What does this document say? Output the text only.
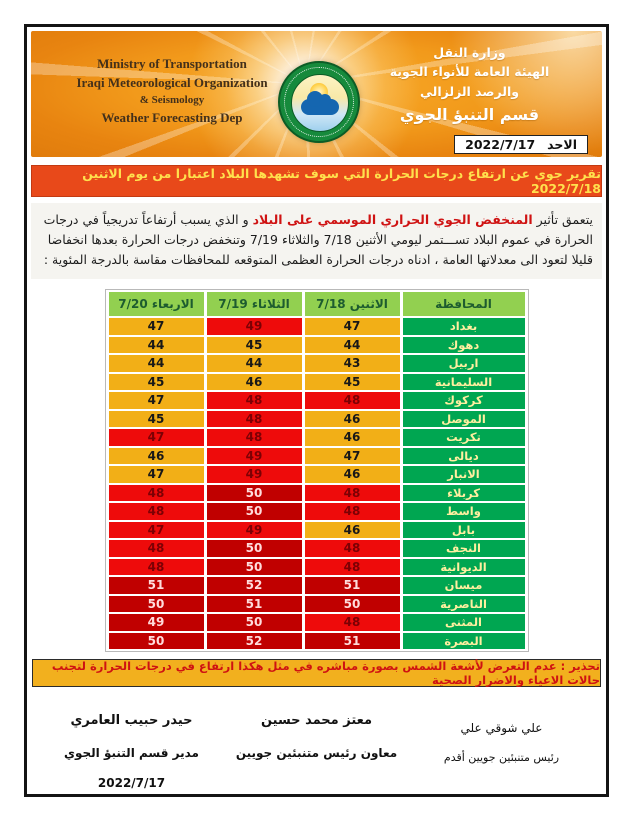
Ministry of Transportation
Iraqi Meteorological Organization
& Seismology
Weather Forecasting Dep
وزارة النقل
الهيئة العامة للأنواء الجوية
والرصد الزلزالي
قسم التنبؤ الجوي
الاحد
2022/7/17
تقرير جوي عن ارتفاع درجات الحرارة التي سوف تشهدها البلاد اعتبارا من يوم الاثنين 2022/7/18
يتعمق تأثير المنخفض الجوي الحراري الموسمي على البلاد و الذي يسبب أرتفاعاً تدريجياً في درجات الحرارة في عموم البلاد تســـتمر ليومي الأثنين 7/18 والثلاثاء 7/19 وتنخفض درجات الحرارة بعدها انخفاضا قليلا لتعود الى معدلاتها العامة ، ادناه درجات الحرارة العظمى المتوقعه للمحافظات مقاسة بالدرجة المئوية :
المحافظة	الاثنين 7/18	الثلاثاء 7/19	الاربعاء 7/20
بغداد	47	49	47
دهوك	44	45	44
اربيل	43	44	44
السليمانية	45	46	45
كركوك	48	48	47
الموصل	46	48	45
تكريت	46	48	47
ديالى	47	49	46
الانبار	46	49	47
كربلاء	48	50	48
واسط	48	50	48
بابل	46	49	47
النجف	48	50	48
الديوانية	48	50	48
ميسان	51	52	51
الناصرية	50	51	50
المثنى	48	50	49
البصرة	51	52	50
تحذير : عدم التعرض لأشعة الشمس بصورة مباشره في مثل هكذا ارتفاع في درجات الحرارة لتجنب حالات الاعياء والاضرار الصحية
علي شوقي علي
رئيس متنبئين جويين أقدم
معتز محمد حسين
معاون رئيس متنبئين جويين
حيدر حبيب العامري
مدير قسم التنبؤ الجوي
2022/7/17
